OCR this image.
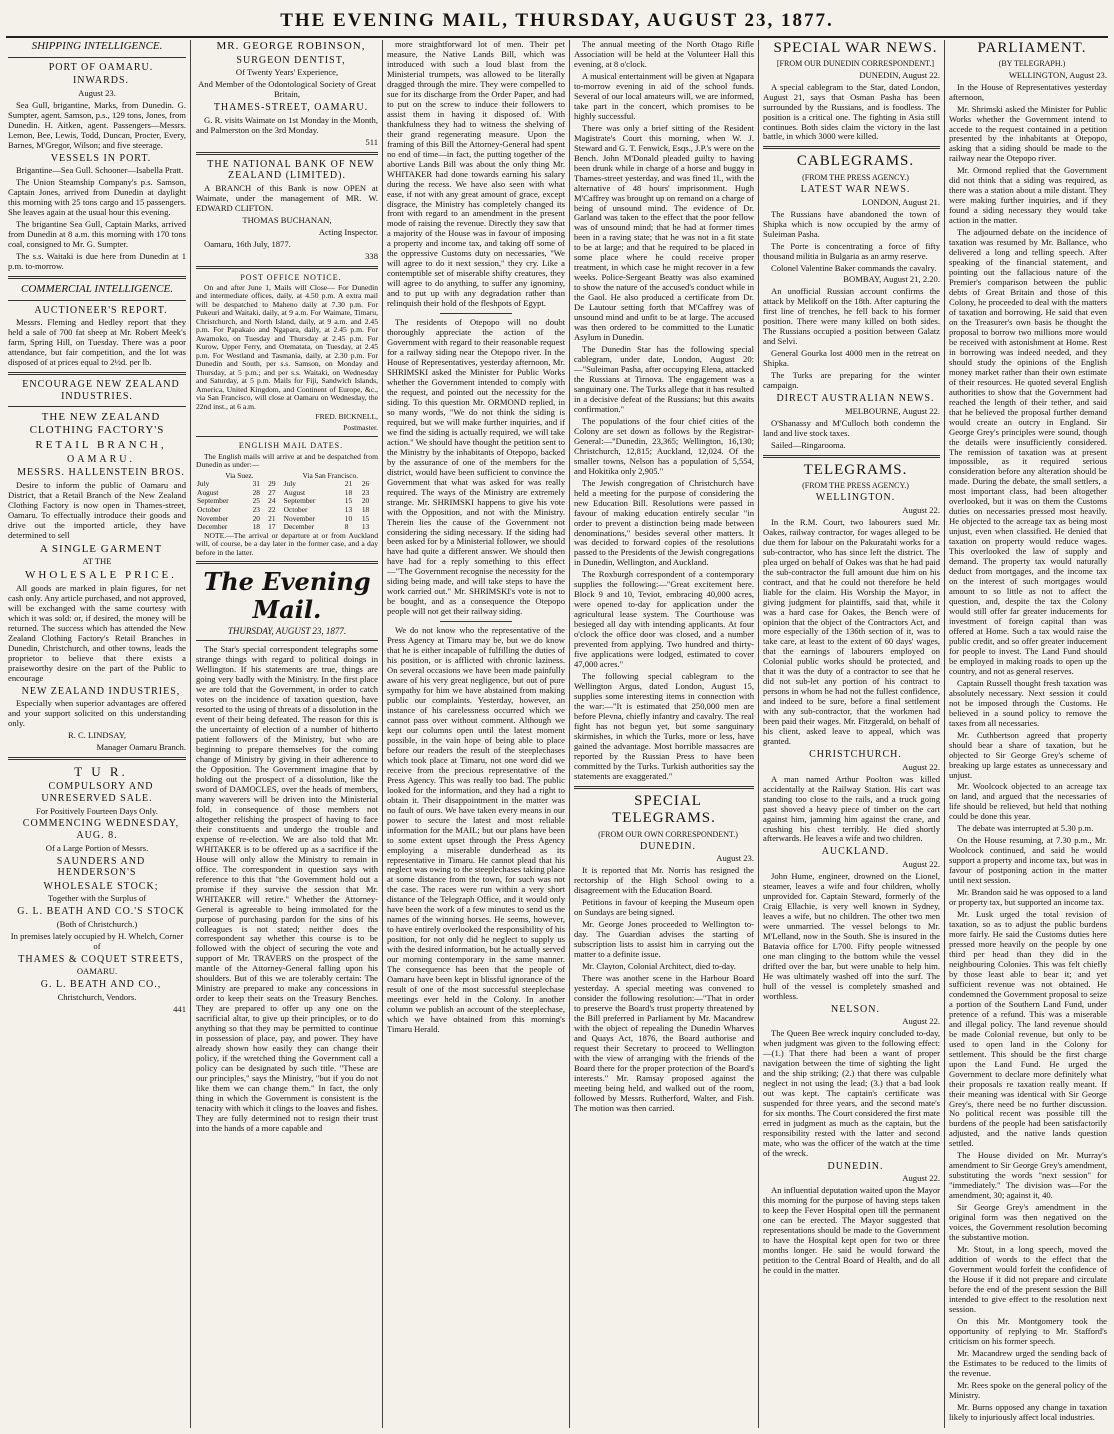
THE EVENING MAIL, THURSDAY, AUGUST 23, 1877.

SHIPPING INTELLIGENCE.

PORT OF OAMARU.

INWARDS.

August 23.

Sea Gull, brigantine, Marks, from Dunedin. G. Sumpter, agent. Samson, p.s., 129 tons, Jones, from Dunedin. H. Aitken, agent. Passengers—Messrs. Lemon, Bee, Lewis, Todd, Duncan, Procter, Every, Barnes, M'Gregor, Wilson; and five steerage.

VESSELS IN PORT.

Brigantine—Sea Gull. Schooner—Isabella Pratt.

The Union Steamship Company's p.s. Samson, Captain Jones, arrived from Dunedin at daylight this morning with 25 tons cargo and 15 passengers. She leaves again at the usual hour this evening.

The brigantine Sea Gull, Captain Marks, arrived from Dunedin at 8 a.m. this morning with 170 tons coal, consigned to Mr. G. Sumpter.

The s.s. Waitaki is due here from Dunedin at 1 p.m. to-morrow.

COMMERCIAL INTELLIGENCE.

AUCTIONEER'S REPORT.

Messrs. Fleming and Hedley report that they held a sale of 700 fat sheep at Mr. Robert Meek's farm, Spring Hill, on Tuesday. There was a poor attendance, but fair competition, and the lot was disposed of at prices equal to 2½d. per lb.

ENCOURAGE NEW ZEALAND INDUSTRIES.

THE NEW ZEALAND CLOTHING FACTORY'S

RETAIL BRANCH,

OAMARU.

MESSRS. HALLENSTEIN BROS.

Desire to inform the public of Oamaru and District, that a Retail Branch of the New Zealand Clothing Factory is now open in Thames-street, Oamaru. To effectually introduce their goods and drive out the imported article, they have determined to sell

A SINGLE GARMENT

AT THE

WHOLESALE PRICE.

All goods are marked in plain figures, for net cash only. Any article purchased, and not approved, will be exchanged with the same courtesy with which it was sold: or, if desired, the money will be returned. The success which has attended the New Zealand Clothing Factory's Retail Branches in Dunedin, Christchurch, and other towns, leads the proprietor to believe that there exists a praiseworthy desire on the part of the Public to encourage

NEW ZEALAND INDUSTRIES,

Especially when superior advantages are offered and your support solicited on this understanding only.

R. C. LINDSAY,

Manager Oamaru Branch.

T U R.

COMPULSORY AND UNRESERVED SALE.

For Positively Fourteen Days Only.

COMMENCING WEDNESDAY, AUG. 8.

Of a Large Portion of Messrs.

SAUNDERS AND HENDERSON'S

WHOLESALE STOCK;

Together with the Surplus of

G. L. BEATH AND CO.'S STOCK

(Both of Christchurch.)

In premises lately occupied by H. Whelch, Corner of

THAMES & COQUET STREETS,

OAMARU.

G. L. BEATH AND CO.,

Christchurch, Vendors.

441

MR. GEORGE ROBINSON,

SURGEON DENTIST,

Of Twenty Years' Experience,

And Member of the Odontological Society of Great Britain,

THAMES-STREET, OAMARU.

G. R. visits Waimate on 1st Monday in the Month, and Palmerston on the 3rd Monday.

511

THE NATIONAL BANK OF NEW ZEALAND (LIMITED).

A BRANCH of this Bank is now OPEN at Waimate, under the management of MR. W. EDWARD CLIFTON.

THOMAS BUCHANAN,

Acting Inspector.

Oamaru, 16th July, 1877.

338

POST OFFICE NOTICE.

On and after June 1, Mails will Close— For Dunedin and intermediate offices, daily, at 4.50 p.m. A extra mail will be despatched to Maheno daily at 7.30 p.m. For Pukeuri and Waitaki, daily, at 9 a.m. For Waimate, Timaru, Christchurch, and North Island, daily, at 9 a.m. and 2.45 p.m. For Papakaio and Ngapara, daily, at 2.45 p.m. For Awamoko, on Tuesday and Thursday at 2.45 p.m. For Kurow, Upper Ferry, and Otematata, on Tuesday, at 2.45 p.m. For Westland and Tasmania, daily, at 2.30 p.m. For Dunedin and South, per s.s. Samson, on Monday and Thursday, at 5 p.m.; and per s.s. Waitaki, on Wednesday and Saturday, at 5 p.m. Mails for Fiji, Sandwich Islands, America, United Kingdom, and Continent of Europe, &c., via San Francisco, will close at Oamaru on Wednesday, the 22nd inst., at 6 a.m.

FRED. BICKNELL,

Postmaster.

ENGLISH MAIL DATES.

The English mails will arrive at and be despatched from Dunedin as under:—

Via Suez.			Via San Francisco.		
July	31	29	July	21	26
August	28	27	August	18	23
September	25	24	September	15	20
October	23	22	October	13	18
November	20	21	November	10	15
December	18	17	December	8	13

NOTE.—The arrival or departure at or from Auckland will, of course, be a day later in the former case, and a day before in the latter.

The Evening Mail.

THURSDAY, AUGUST 23, 1877.

The Star's special correspondent telegraphs some strange things with regard to political doings in Wellington. If his statements are true, things are going very badly with the Ministry. In the first place we are told that the Government, in order to catch votes on the incidence of taxation question, have resorted to the using of threats of a dissolution in the event of their being defeated. The reason for this is the uncertainty of election of a number of hitherto patient followers of the Ministry, but who are beginning to prepare themselves for the coming change of Ministry by giving in their adherence to the Opposition. The Government imagine that by holding out the prospect of a dissolution, like the sword of DAMOCLES, over the heads of members, many waverers will be driven into the Ministerial fold, in consequence of those members not altogether relishing the prospect of having to face their constituents and undergo the trouble and expense of re-election. We are also told that Mr. WHITAKER is to be offered up as a sacrifice if the House will only allow the Ministry to remain in office. The correspondent in question says with reference to this that "the Government hold out a promise if they survive the session that Mr. WHITAKER will retire." Whether the Attorney-General is agreeable to being immolated for the purpose of purchasing pardon for the sins of his colleagues is not stated; neither does the correspondent say whether this course is to be followed with the object of securing the vote and support of Mr. TRAVERS on the prospect of the mantle of the Attorney-General falling upon his shoulders. But of this we are tolerably certain: The Ministry are prepared to make any concessions in order to keep their seats on the Treasury Benches. They are prepared to offer up any one on the sacrificial altar, to give up their principles, or to do anything so that they may be permitted to continue in possession of place, pay, and power. They have already shown how easily they can change their policy, if the wretched thing the Government call a policy can be designated by such title. "These are our principles," says the Ministry, "but if you do not like them we can change them." In fact, the only thing in which the Government is consistent is the tenacity with which it clings to the loaves and fishes. They are fully determined not to resign their trust into the hands of a more capable and

more straightforward lot of men. Their pet measure, the Native Lands Bill, which was introduced with such a loud blast from the Ministerial trumpets, was allowed to be literally dragged through the mire. They were compelled to sue for its discharge from the Order Paper, and had to put on the screw to induce their followers to assist them in having it disposed of. With thankfulness they had to witness the shelving of their grand regenerating measure. Upon the framing of this Bill the Attorney-General had spent no end of time—in fact, the putting together of the abortive Lands Bill was about the only thing Mr. WHITAKER had done towards earning his salary during the recess. We have also seen with what ease, if not with any great amount of grace, except disgrace, the Ministry has completely changed its front with regard to an amendment in the present mode of raising the revenue. Directly they saw that a majority of the House was in favour of imposing a property and income tax, and taking off some of the oppressive Customs duty on necessaries, "We will agree to do it next session," they cry. Like a contemptible set of miserable shifty creatures, they will agree to do anything, to suffer any ignominy, and to put up with any degradation rather than relinquish their hold of the fleshpots of Egypt.

The residents of Otepopo will no doubt thoroughly appreciate the action of the Government with regard to their reasonable request for a railway siding near the Otepopo river. In the House of Representatives, yesterday afternoon, Mr. SHRIMSKI asked the Minister for Public Works whether the Government intended to comply with the request, and pointed out the necessity for the siding. To this question Mr. ORMOND replied, in so many words, "We do not think the siding is required, but we will make further inquiries, and if we find the siding is actually required, we will take action." We should have thought the petition sent to the Ministry by the inhabitants of Otepopo, backed by the assurance of one of the members for the district, would have been sufficient to convince the Government that what was asked for was really required. The ways of the Ministry are extremely strange. Mr. SHRIMSKI happens to give his vote with the Opposition, and not with the Ministry. Therein lies the cause of the Government not considering the siding necessary. If the siding had been asked for by a Ministerial follower, we should have had quite a different answer. We should then have had for a reply something to this effect —"The Government recognise the necessity for the siding being made, and will take steps to have the work carried out." Mr. SHRIMSKI's vote is not to be bought, and as a consequence the Otepopo people will not get their railway siding.

We do not know who the representative of the Press Agency at Timaru may be, but we do know that he is either incapable of fulfilling the duties of his position, or is afflicted with chronic laziness. On several occasions we have been made painfully aware of his very great negligence, but out of pure sympathy for him we have abstained from making public our complaints. Yesterday, however, an instance of his carelessness occurred which we cannot pass over without comment. Although we kept our columns open until the latest moment possible, in the vain hope of being able to place before our readers the result of the steeplechases which took place at Timaru, not one word did we receive from the precious representative of the Press Agency. This was really too bad. The public looked for the information, and they had a right to obtain it. Their disappointment in the matter was no fault of ours. We have taken every means in our power to secure the latest and most reliable information for the MAIL; but our plans have been to some extent upset through the Press Agency employing a miserable dunderhead as its representative in Timaru. He cannot plead that his neglect was owing to the steeplechases taking place at some distance from the town, for such was not the case. The races were run within a very short distance of the Telegraph Office, and it would only have been the work of a few minutes to send us the names of the winning horses. He seems, however, to have entirely overlooked the responsibility of his position, for not only did he neglect to supply us with the desired information, but he actually served our morning contemporary in the same manner. The consequence has been that the people of Oamaru have been kept in blissful ignorance of the result of one of the most successful steeplechase meetings ever held in the Colony. In another column we publish an account of the steeplechase, which we have obtained from this morning's Timaru Herald.

The annual meeting of the North Otago Rifle Association will be held at the Volunteer Hall this evening, at 8 o'clock.

A musical entertainment will be given at Ngapara to-morrow evening in aid of the school funds. Several of our local amateurs will, we are informed, take part in the concert, which promises to be highly successful.

There was only a brief sitting of the Resident Magistrate's Court this morning, when W. J. Steward and G. T. Fenwick, Esqs., J.P.'s were on the Bench. John M'Donald pleaded guilty to having been drunk while in charge of a horse and buggy in Thames-street yesterday, and was fined 1l., with the alternative of 48 hours' imprisonment. Hugh M'Caffrey was brought up on remand on a charge of being of unsound mind. The evidence of Dr. Garland was taken to the effect that the poor fellow was of unsound mind; that he had at former times been in a raving state; that he was not in a fit state to be at large; and that he required to be placed in some place where he could receive proper treatment, in which case he might recover in a few weeks. Police-Sergeant Beatty was also examined to show the nature of the accused's conduct while in the Gaol. He also produced a certificate from Dr. De Lautour setting forth that M'Caffrey was of unsound mind and unfit to be at large. The accused was then ordered to be committed to the Lunatic Asylum in Dunedin.

The Dunedin Star has the following special cablegram, under date, London, August 20:—"Suleiman Pasha, after occupying Elena, attacked the Russians at Tirnova. The engagement was a sanguinary one. The Turks allege that it has resulted in a decisive defeat of the Russians; but this awaits confirmation."

The populations of the four chief cities of the Colony are set down as follows by the Registrar-General:—"Dunedin, 23,365; Wellington, 16,130; Christchurch, 12,815; Auckland, 12,024. Of the smaller towns, Nelson has a population of 5,554, and Hokitika only 2,905."

The Jewish congregation of Christchurch have held a meeting for the purpose of considering the new Education Bill. Resolutions were passed in favour of making education entirely secular "in order to prevent a distinction being made between denominations," besides several other matters. It was decided to forward copies of the resolutions passed to the Presidents of the Jewish congregations in Dunedin, Wellington, and Auckland.

The Roxburgh correspondent of a contemporary supplies the following:—"Great excitement here. Block 9 and 10, Teviot, embracing 40,000 acres, were opened to-day for application under the agricultural lease system. The Courthouse was besieged all day with intending applicants. At four o'clock the office door was closed, and a number prevented from applying. Two hundred and thirty-five applications were lodged, estimated to cover 47,000 acres."

The following special cablegram to the Wellington Argus, dated London, August 15, supplies some interesting items in connection with the war:—"It is estimated that 250,000 men are before Plevna, chiefly infantry and cavalry. The real fight has not begun yet, but some sanguinary skirmishes, in which the Turks, more or less, have gained the advantage. Most horrible massacres are reported by the Russian Press to have been committed by the Turks. Turkish authorities say the statements are exaggerated."

SPECIAL TELEGRAMS.

(FROM OUR OWN CORRESPONDENT.)

DUNEDIN.

August 23.

It is reported that Mr. Norris has resigned the rectorship of the High School owing to a disagreement with the Education Board.

Petitions in favour of keeping the Museum open on Sundays are being signed.

Mr. George Jones proceeded to Wellington to-day. The Guardian advises the starting of subscription lists to assist him in carrying out the matter to a definite issue.

Mr. Clayton, Colonial Architect, died to-day.

There was another scene in the Harbour Board yesterday. A special meeting was convened to consider the following resolution:—"That in order to preserve the Board's trust property threatened by the Bill preferred in Parliament by Mr. Macandrew with the object of repealing the Dunedin Wharves and Quays Act, 1876, the Board authorise and request their Secretary to proceed to Wellington with the view of arranging with the friends of the Board there for the proper protection of the Board's interests." Mr. Ramsay proposed against the meeting being held, and walked out of the room, followed by Messrs. Rutherford, Walter, and Fish. The motion was then carried.

SPECIAL WAR NEWS.

[FROM OUR DUNEDIN CORRESPONDENT.]

DUNEDIN, August 22.

A special cablegram to the Star, dated London, August 21, says that Osman Pasha has been surrounded by the Russians, and is foodless. The position is a critical one. The fighting in Asia still continues. Both sides claim the victory in the last battle, in which 3000 were killed.

CABLEGRAMS.

(FROM THE PRESS AGENCY.)

LATEST WAR NEWS.

LONDON, August 21.

The Russians have abandoned the town of Shipka which is now occupied by the army of Suleiman Pasha.

The Porte is concentrating a force of fifty thousand militia in Bulgaria as an army reserve.

Colonel Valentine Baker commands the cavalry.

BOMBAY, August 21, 2.20.

An unofficial Russian account confirms the attack by Melikoff on the 18th. After capturing the first line of trenches, he fell back to his former position. There were many killed on both sides. The Russians occupied a position between Galatz and Selvi.

General Gourka lost 4000 men in the retreat on Shipka.

The Turks are preparing for the winter campaign.

DIRECT AUSTRALIAN NEWS.

MELBOURNE, August 22.

O'Shanassy and M'Culloch both condemn the land and live stock taxes.

Sailed—Ringarooma.

TELEGRAMS.

(FROM THE PRESS AGENCY.)

WELLINGTON.

August 22.

In the R.M. Court, two labourers sued Mr. Oakes, railway contractor, for wages alleged to be due them for labour on the Pakuratahi works for a sub-contractor, who has since left the district. The plea urged on behalf of Oakes was that he had paid the sub-contractor the full amount due him on his contract, and that he could not therefore be held liable for the claim. His Worship the Mayor, in giving judgment for plaintiffs, said that, while it was a hard case for Oakes, the Bench were of opinion that the object of the Contractors Act, and more especially of the 136th section of it, was to take care, at least to the extent of 60 days' wages, that the earnings of labourers employed on Colonial public works should be protected, and that it was the duty of a contractor to see that he did not sub-let any portion of his contract to persons in whom he had not the fullest confidence, and indeed to be sure, before a final settlement with any sub-contractor, that the workmen had been paid their wages. Mr. Fitzgerald, on behalf of his client, asked leave to appeal, which was granted.

CHRISTCHURCH.

August 22.

A man named Arthur Poolton was killed accidentally at the Railway Station. His cart was standing too close to the rails, and a truck going past shoved a heavy piece of timber on the cart against him, jamming him against the crane, and crushing his chest terribly. He died shortly afterwards. He leaves a wife and two children.

AUCKLAND.

August 22.

John Hume, engineer, drowned on the Lionel, steamer, leaves a wife and four children, wholly unprovided for. Captain Steward, formerly of the Craig Ellachie, is very well known in Sydney, leaves a wife, but no children. The other two men were unmarried. The vessel belongs to Mr. M'Lelland, now in the South. She is insured in the Batavia office for L700. Fifty people witnessed one man clinging to the bottom while the vessel drifted over the bar, but were unable to help him. He was ultimately washed off into the surf. The hull of the vessel is completely smashed and worthless.

NELSON.

August 22.

The Queen Bee wreck inquiry concluded to-day, when judgment was given to the following effect:—(1.) That there had been a want of proper navigation between the time of sighting the light and the ship striking; (2.) that there was culpable neglect in not using the lead; (3.) that a bad look out was kept. The captain's certificate was suspended for three years, and the second mate's for six months. The Court considered the first mate erred in judgment as much as the captain, but the responsibility rested with the latter and second mate, who was the officer of the watch at the time of the wreck.

DUNEDIN.

August 22.

An influential deputation waited upon the Mayor this morning for the purpose of having steps taken to keep the Fever Hospital open till the permanent one can be erected. The Mayor suggested that representations should be made to the Government to have the Hospital kept open for two or three months longer. He said he would forward the petition to the Central Board of Health, and do all he could in the matter.

PARLIAMENT.

(BY TELEGRAPH.)

WELLINGTON, August 23.

In the House of Representatives yesterday afternoon,

Mr. Shrimski asked the Minister for Public Works whether the Government intend to accede to the request contained in a petition presented by the inhabitants at Otepopo, asking that a siding should be made to the railway near the Otepopo river.

Mr. Ormond replied that the Government did not think that a siding was required, as there was a station about a mile distant. They were making further inquiries, and if they found a siding necessary they would take action in the matter.

The adjourned debate on the incidence of taxation was resumed by Mr. Ballance, who delivered a long and telling speech. After speaking of the financial statement, and pointing out the fallacious nature of the Premier's comparison between the public debts of Great Britain and those of this Colony, he proceeded to deal with the matters of taxation and borrowing. He said that even on the Treasurer's own basis he thought the proposal to borrow two millions more would be received with astonishment at Home. Rest in borrowing was indeed needed, and they should study the opinions of the English money market rather than their own estimate of their resources. He quoted several English authorities to show that the Government had reached the length of their tether, and said that he believed the proposal further demand would create an outcry in England. Sir George Grey's principles were sound, though the details were insufficiently considered. The remission of taxation was at present impossible, as it required serious consideration before any alteration should be made. During the debate, the small settlers, a most important class, had been altogether overlooked, but it was on them the Customs duties on necessaries pressed most heavily. He objected to the acreage tax as being most unjust, even when classified. He denied that taxation on property would reduce wages. This overlooked the law of supply and demand. The property tax would naturally deduct from mortgages, and the income tax on the interest of such mortgages would amount to so little as not to affect the question, and, despite the tax the Colony would still offer far greater inducements for investment of foreign capital than was offered at Home. Such a tax would raise the public credit, and so offer greater inducement for people to invest. The Land Fund should be employed in making roads to open up the country, and not as general reserves.

Captain Russell thought fresh taxation was absolutely necessary. Next session it could not be imposed through the Customs. He believed in a sound policy to remove the taxes from all necessaries.

Mr. Cuthbertson agreed that property should bear a share of taxation, but he objected to Sir George Grey's scheme of breaking up large estates as unnecessary and unjust.

Mr. Woolcock objected to an acreage tax on land, and argued that the necessaries of life should be relieved, but held that nothing could be done this year.

The debate was interrupted at 5.30 p.m.

On the House resuming, at 7.30 p.m., Mr. Woolcock continued, and said he would support a property and income tax, but was in favour of postponing action in the matter until next session.

Mr. Brandon said he was opposed to a land or property tax, but supported an income tax.

Mr. Lusk urged the total revision of taxation, so as to adjust the public burdens more fairly. He said the Customs duties here pressed more heavily on the people by one third per head than they did in the neighbouring Colonies. This was felt chiefly by those least able to bear it; and yet sufficient revenue was not obtained. He condemned the Government proposal to seize a portion of the Southern Land Fund, under pretence of a refund. This was a miserable and illegal policy. The land revenue should be made Colonial revenue, but only to be used to open land in the Colony for settlement. This should be the first charge upon the Land Fund. He urged the Government to declare more definitely what their proposals re taxation really meant. If their meaning was identical with Sir George Grey's, there need be no further discussion. No political recent was possible till the burdens of the people had been satisfactorily adjusted, and the native lands question settled.

The House divided on Mr. Murray's amendment to Sir George Grey's amendment, substituting the words "next session" for "immediately." The division was—For the amendment, 30; against it, 40.

Sir George Grey's amendment in the original form was then negatived on the voices, the Government resolution becoming the substantive motion.

Mr. Stout, in a long speech, moved the addition of words to the effect that the Government would forfeit the confidence of the House if it did not prepare and circulate before the end of the present session the Bill intended to give effect to the resolution next session.

On this Mr. Montgomery took the opportunity of replying to Mr. Stafford's criticism on his former speech.

Mr. Macandrew urged the sending back of the Estimates to be reduced to the limits of the revenue.

Mr. Rees spoke on the general policy of the Ministry.

Mr. Burns opposed any change in taxation likely to injuriously affect local industries.
